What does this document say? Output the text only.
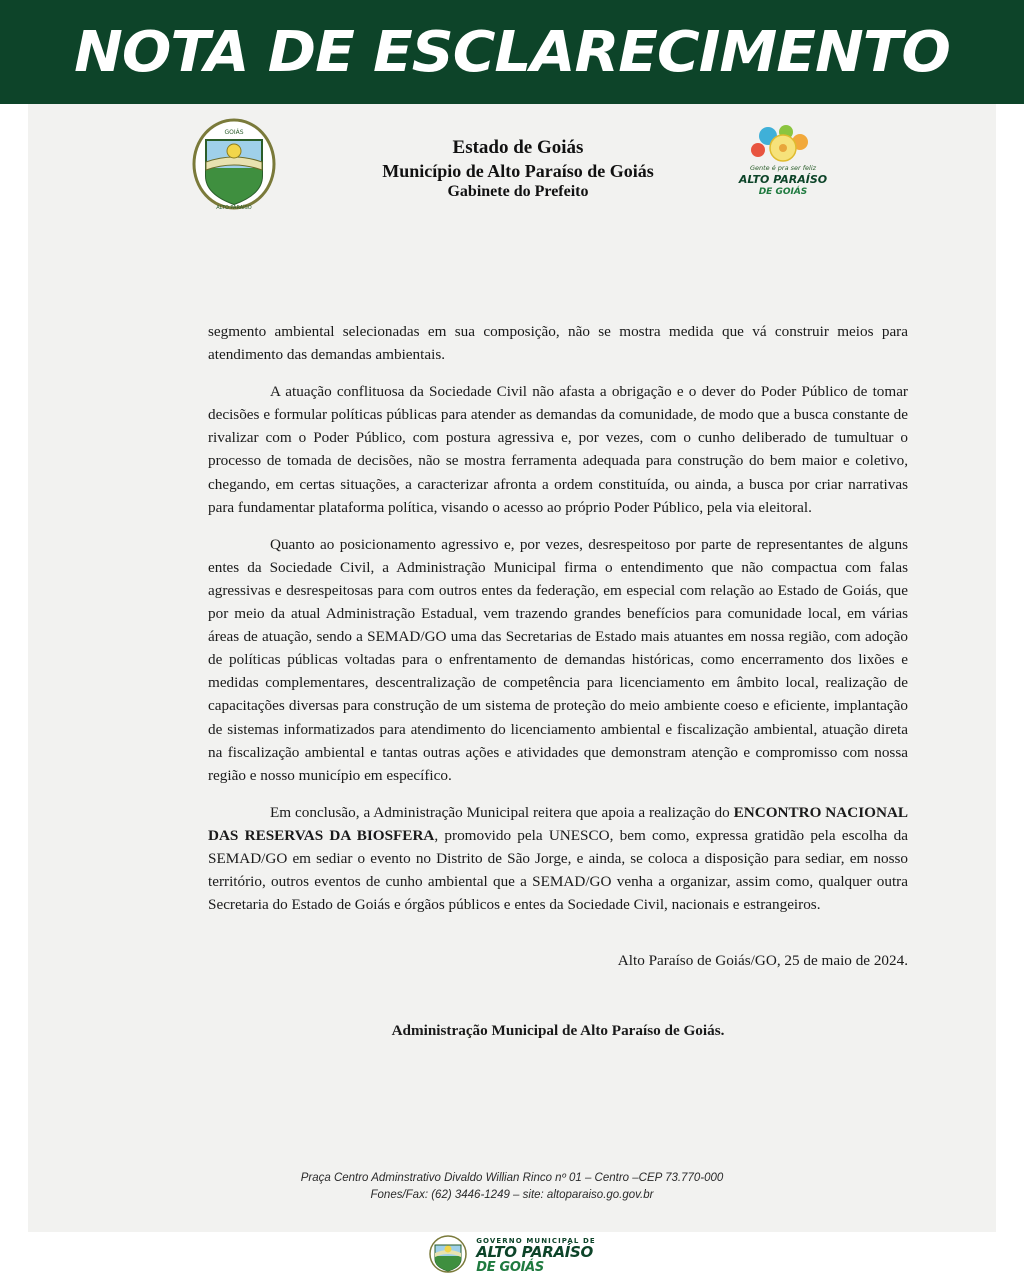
NOTA DE ESCLARECIMENTO
GOIÁS
ALTO PARAÍSO
Estado de Goiás
Município de Alto Paraíso de Goiás
Gabinete do Prefeito
Gente é pra ser feliz
ALTO PARAÍSO
DE GOIÁS

segmento ambiental selecionadas em sua composição, não se mostra medida que vá construir meios para atendimento das demandas ambientais.

A atuação conflituosa da Sociedade Civil não afasta a obrigação e o dever do Poder Público de tomar decisões e formular políticas públicas para atender as demandas da comunidade, de modo que a busca constante de rivalizar com o Poder Público, com postura agressiva e, por vezes, com o cunho deliberado de tumultuar o processo de tomada de decisões, não se mostra ferramenta adequada para construção do bem maior e coletivo, chegando, em certas situações, a caracterizar afronta a ordem constituída, ou ainda, a busca por criar narrativas para fundamentar plataforma política, visando o acesso ao próprio Poder Público, pela via eleitoral.

Quanto ao posicionamento agressivo e, por vezes, desrespeitoso por parte de representantes de alguns entes da Sociedade Civil, a Administração Municipal firma o entendimento que não compactua com falas agressivas e desrespeitosas para com outros entes da federação, em especial com relação ao Estado de Goiás, que por meio da atual Administração Estadual, vem trazendo grandes benefícios para comunidade local, em várias áreas de atuação, sendo a SEMAD/GO uma das Secretarias de Estado mais atuantes em nossa região, com adoção de políticas públicas voltadas para o enfrentamento de demandas históricas, como encerramento dos lixões e medidas complementares, descentralização de competência para licenciamento em âmbito local, realização de capacitações diversas para construção de um sistema de proteção do meio ambiente coeso e eficiente, implantação de sistemas informatizados para atendimento do licenciamento ambiental e fiscalização ambiental, atuação direta na fiscalização ambiental e tantas outras ações e atividades que demonstram atenção e compromisso com nossa região e nosso município em específico.

Em conclusão, a Administração Municipal reitera que apoia a realização do ENCONTRO NACIONAL DAS RESERVAS DA BIOSFERA, promovido pela UNESCO, bem como, expressa gratidão pela escolha da SEMAD/GO em sediar o evento no Distrito de São Jorge, e ainda, se coloca a disposição para sediar, em nosso território, outros eventos de cunho ambiental que a SEMAD/GO venha a organizar, assim como, qualquer outra Secretaria do Estado de Goiás e órgãos públicos e entes da Sociedade Civil, nacionais e estrangeiros.

Alto Paraíso de Goiás/GO, 25 de maio de 2024.
Administração Municipal de Alto Paraíso de Goiás.
Praça Centro Adminstrativo Divaldo Willian Rinco nº 01 – Centro –CEP 73.770-000
Fones/Fax: (62) 3446-1249 – site: altoparaiso.go.gov.br
GOVERNO MUNICIPAL DE
ALTO PARAÍSO
DE GOIÁS
